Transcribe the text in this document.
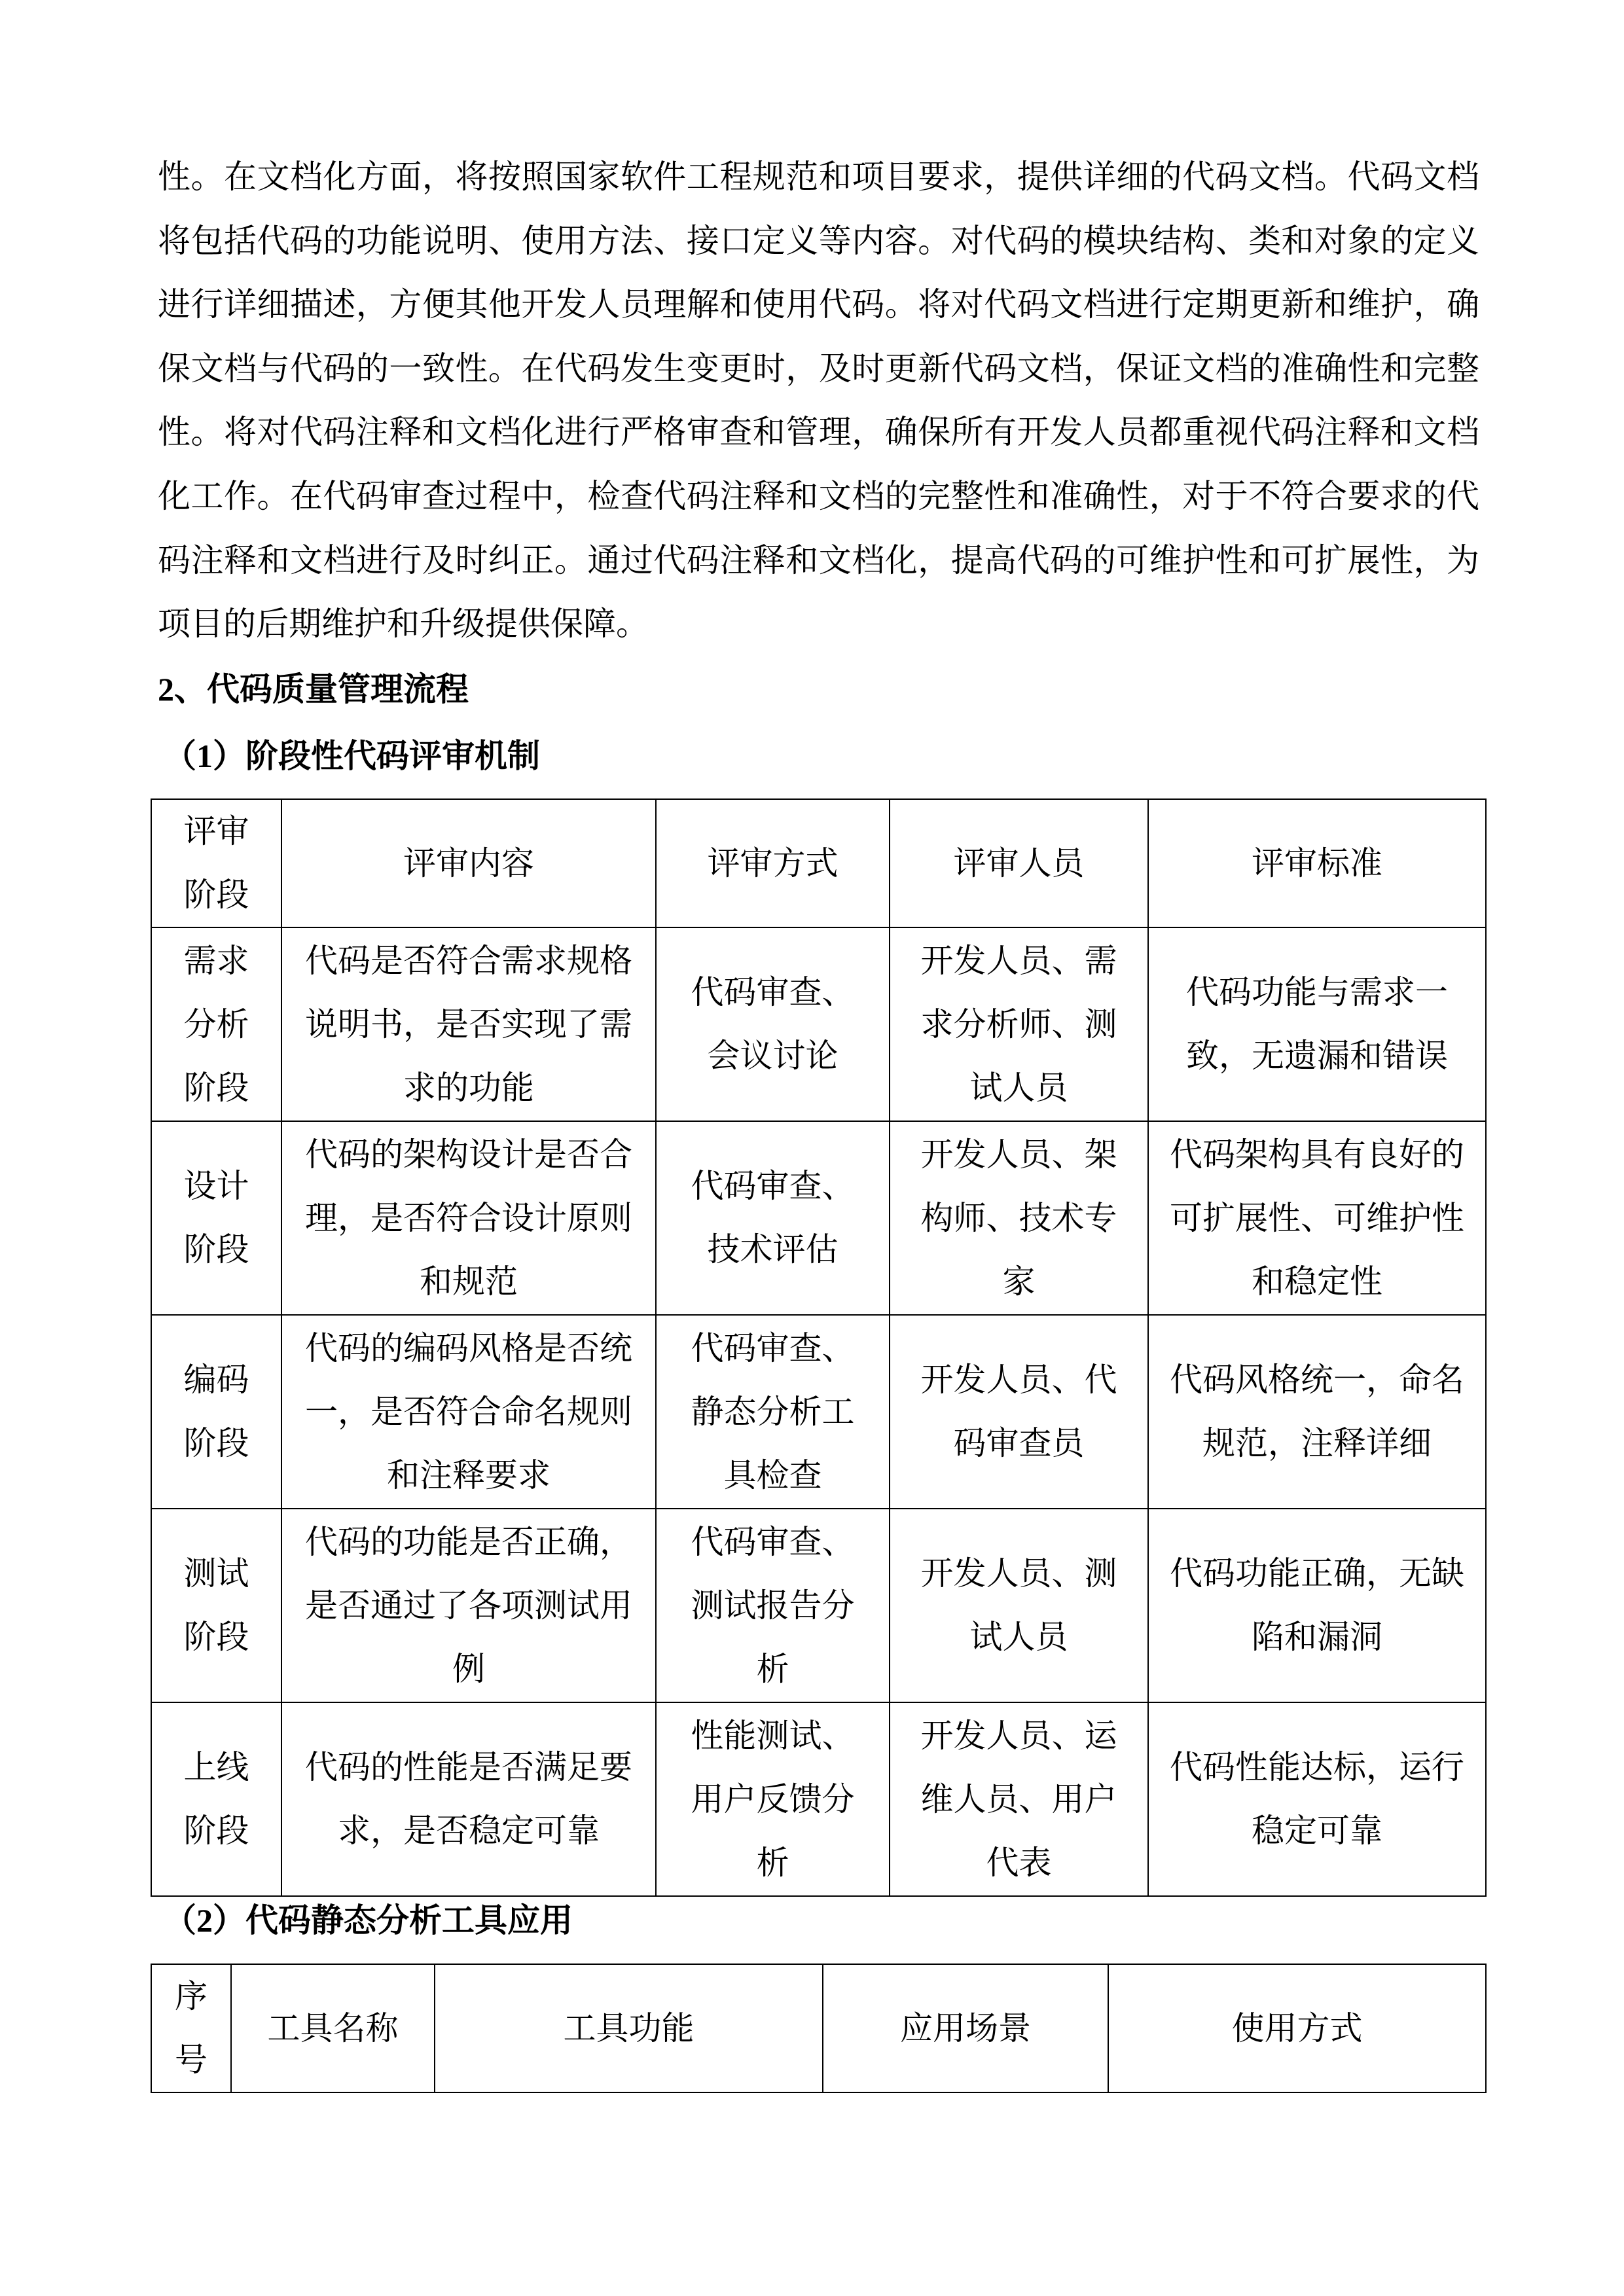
性。在文档化方面，将按照国家软件工程规范和项目要求，提供详细的代码文档。代码文档
将包括代码的功能说明、使用方法、接口定义等内容。对代码的模块结构、类和对象的定义
进行详细描述，方便其他开发人员理解和使用代码。将对代码文档进行定期更新和维护，确
保文档与代码的一致性。在代码发生变更时，及时更新代码文档，保证文档的准确性和完整
性。将对代码注释和文档化进行严格审查和管理，确保所有开发人员都重视代码注释和文档
化工作。在代码审查过程中，检查代码注释和文档的完整性和准确性，对于不符合要求的代
码注释和文档进行及时纠正。通过代码注释和文档化，提高代码的可维护性和可扩展性，为
项目的后期维护和升级提供保障。
2、代码质量管理流程
（1）阶段性代码评审机制
评审阶段	评审内容	评审方式	评审人员	评审标准
需求分析阶段	代码是否符合需求规格说明书，是否实现了需求的功能	代码审查、会议讨论	开发人员、需求分析师、测试人员	代码功能与需求一致，无遗漏和错误
设计阶段	代码的架构设计是否合理，是否符合设计原则和规范	代码审查、技术评估	开发人员、架构师、技术专家	代码架构具有良好的可扩展性、可维护性和稳定性
编码阶段	代码的编码风格是否统一，是否符合命名规则和注释要求	代码审查、静态分析工具检查	开发人员、代码审查员	代码风格统一，命名规范，注释详细
测试阶段	代码的功能是否正确，是否通过了各项测试用例	代码审查、测试报告分析	开发人员、测试人员	代码功能正确，无缺陷和漏洞
上线阶段	代码的性能是否满足要求，是否稳定可靠	性能测试、用户反馈分析	开发人员、运维人员、用户代表	代码性能达标，运行稳定可靠
（2）代码静态分析工具应用
序号	工具名称	工具功能	应用场景	使用方式
